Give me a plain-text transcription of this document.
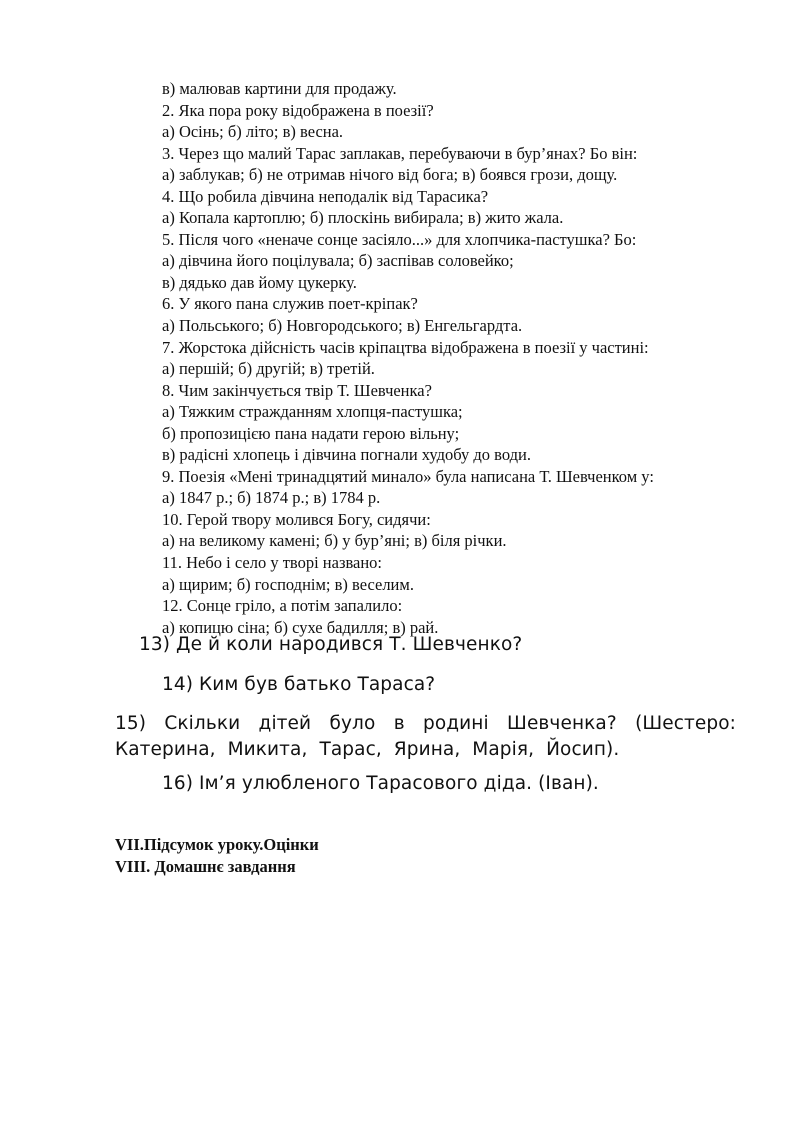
в) малював картини для продажу.
2. Яка пора року відображена в поезії?
а) Осінь; б) літо; в) весна.
3. Через що малий Тарас заплакав, перебуваючи в бур’янах? Бо він:
а) заблукав; б) не отримав нічого від бога; в) боявся грози, дощу.
4. Що робила дівчина неподалік від Тарасика?
а) Копала картоплю; б) плоскінь вибирала; в) жито жала.
5. Після чого «неначе сонце засіяло...» для хлопчика-пастушка? Бо:
а) дівчина його поцілувала; б) заспівав соловейко;
в) дядько дав йому цукерку.
6. У якого пана служив поет-кріпак?
а) Польського; б) Новгородського; в) Енгельгардта.
7. Жорстока дійсність часів кріпацтва відображена в поезії у частині:
а) першій; б) другій; в) третій.
8. Чим закінчується твір Т. Шевченка?
а) Тяжким стражданням хлопця-пастушка;
б) пропозицією пана надати герою вільну;
в) радісні хлопець і дівчина погнали худобу до води.
9. Поезія «Мені тринадцятий минало» була написана Т. Шевченком у:
а) 1847 р.; б) 1874 р.; в) 1784 р.
10. Герой твору молився Богу, сидячи:
а) на великому камені; б) у бур’яні; в) біля річки.
11. Небо і село у творі названо:
а) щирим; б) господнім; в) веселим.
12. Сонце гріло, а потім запалило:
а) копицю сіна; б) сухе бадилля; в) рай.
13) Де й коли народився Т. Шевченко?
14) Ким був батько Тараса?
15) Скільки дітей було в родині Шевченка? (Шестеро: Катерина, Микита, Тарас, Ярина, Марія, Йосип).
16) Ім’я улюбленого Тарасового діда. (Іван).
VII.Підсумок уроку.Оцінки
VIII. Домашнє завдання
